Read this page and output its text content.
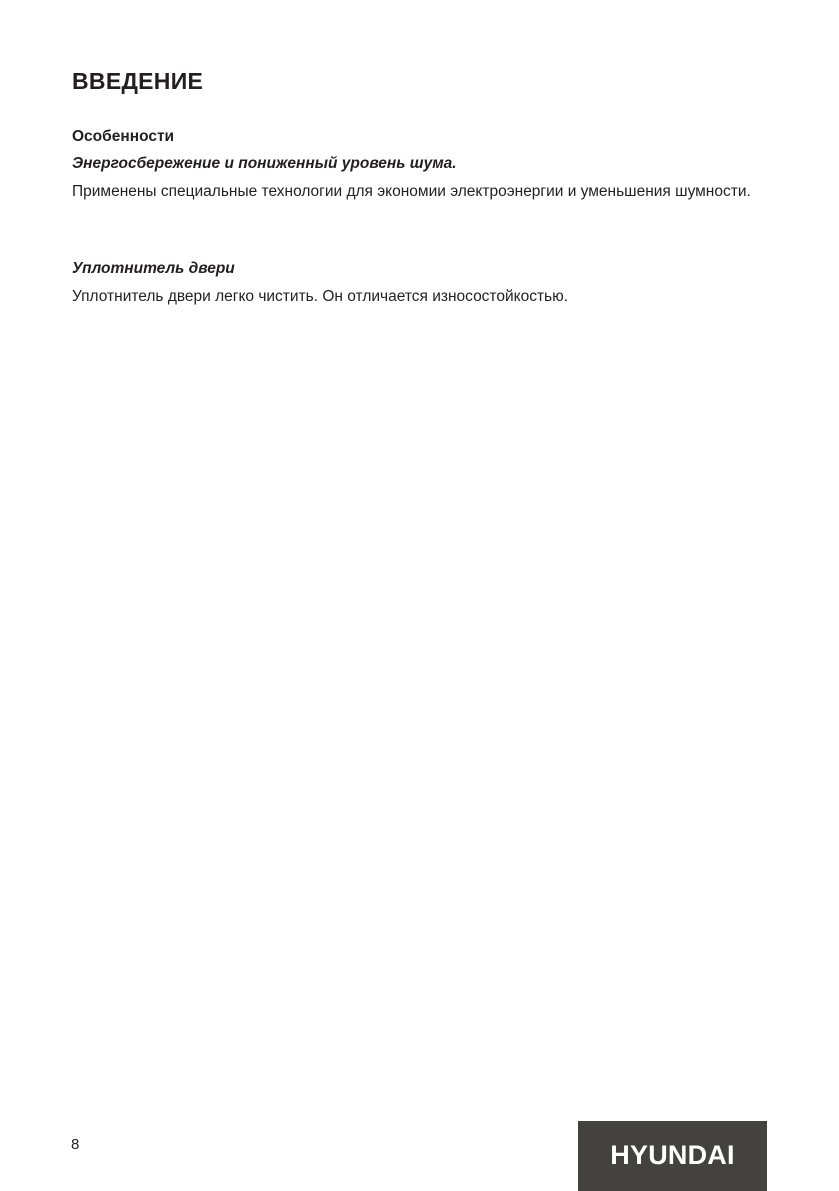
ВВЕДЕНИЕ
Особенности
Энергосбережение и пониженный уровень шума.

Применены специальные технологии для экономии электроэнергии и уменьшения шумности.

Уплотнитель двери

Уплотнитель двери легко чистить. Он отличается износостойкостью.

8	HYUNDAI
